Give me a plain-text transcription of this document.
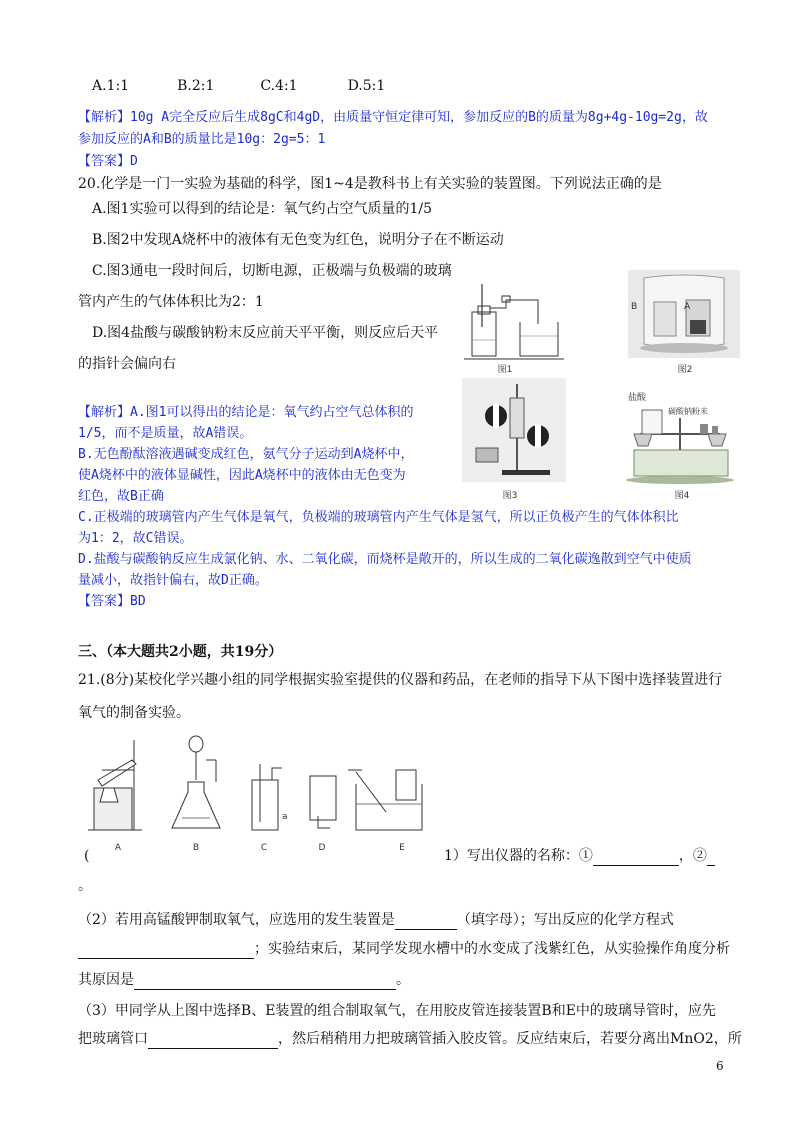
A.1:1	B.2:1	C.4:1	D.5:1
【解析】10g A完全反应后生成8gC和4gD，由质量守恒定律可知，参加反应的B的质量为8g+4g-10g=2g，故
参加反应的A和B的质量比是10g：2g=5：1
【答案】D
20.化学是一门一实验为基础的科学，图1~4是教科书上有关实验的装置图。下列说法正确的是
A.图1实验可以得到的结论是：氧气约占空气质量的1/5
B.图2中发现A烧杯中的液体有无色变为红色，说明分子在不断运动
C.图3通电一段时间后，切断电源，正极端与负极端的玻璃
管内产生的气体体积比为2：1
D.图4盐酸与碳酸钠粉末反应前天平平衡，则反应后天平
的指针会偏向右	图1
B	A
图2
图3
盐酸
碳酸钠粉末
图4
【解析】A.图1可以得出的结论是：氧气约占空气总体积的
1/5，而不是质量，故A错误。
B.无色酚酞溶液遇碱变成红色，氨气分子运动到A烧杯中，
使A烧杯中的液体显碱性，因此A烧杯中的液体由无色变为
红色，故B正确
C.正极端的玻璃管内产生气体是氧气，负极端的玻璃管内产生气体是氢气，所以正负极产生的气体体积比
为1：2，故C错误。
D.盐酸与碳酸钠反应生成氯化钠、水、二氧化碳，而烧杯是敞开的，所以生成的二氧化碳逸散到空气中使质
量减小，故指针偏右，故D正确。
【答案】BD
三、（本大题共2小题，共19分）
21.(8分)某校化学兴趣小组的同学根据实验室提供的仪器和药品，在老师的指导下从下图中选择装置进行
氧气的制备实验。
a
A	B	C	D	E
(	1）写出仪器的名称：①	，②
。
（2）若用高锰酸钾制取氧气，应选用的发生装置是	（填字母）；写出反应的化学方程式
；实验结束后，某同学发现水槽中的水变成了浅紫红色，从实验操作角度分析
其原因是	。
（3）甲同学从上图中选择B、E装置的组合制取氧气，在用胶皮管连接装置B和E中的玻璃导管时，应先
把玻璃管口	，然后稍稍用力把玻璃管插入胶皮管。反应结束后，若要分离出MnO2，所
6
